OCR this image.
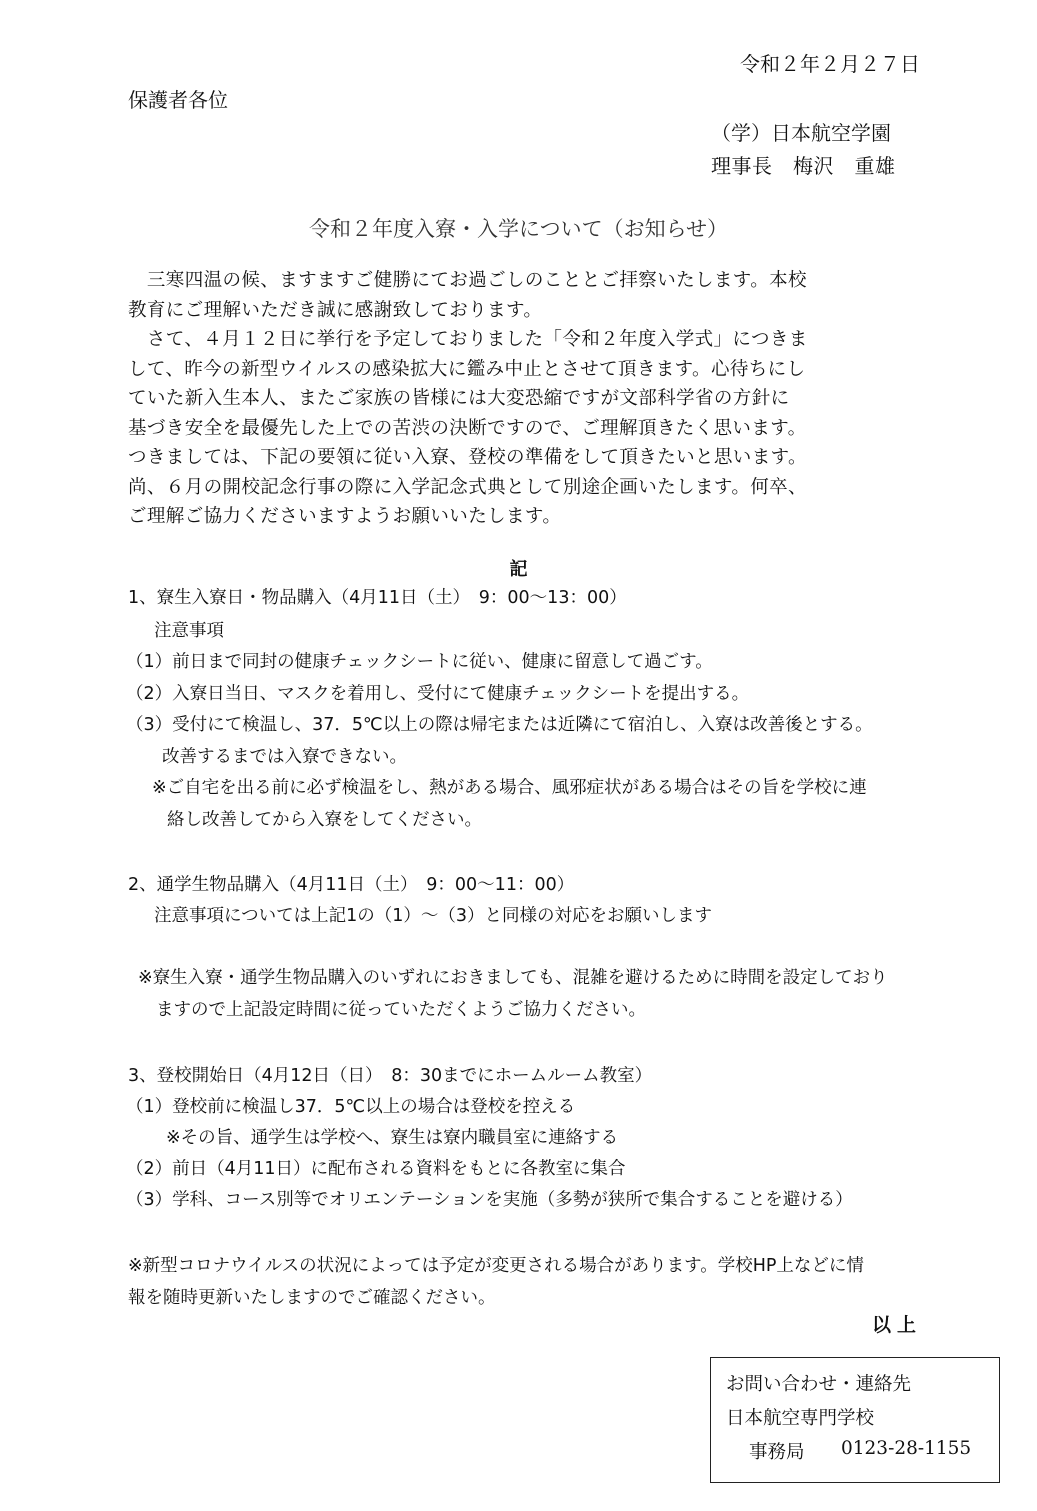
令和２年２月２７日
保護者各位
（学）日本航空学園
理事長　梅沢　重雄
令和２年度入寮・入学について（お知らせ）
　三寒四温の候、ますますご健勝にてお過ごしのこととご拝察いたします。本校
教育にご理解いただき誠に感謝致しております。
　さて、４月１２日に挙行を予定しておりました「令和２年度入学式」につきま
して、昨今の新型ウイルスの感染拡大に鑑み中止とさせて頂きます。心待ちにし
ていた新入生本人、またご家族の皆様には大変恐縮ですが文部科学省の方針に
基づき安全を最優先した上での苦渋の決断ですので、ご理解頂きたく思います。
つきましては、下記の要領に従い入寮、登校の準備をして頂きたいと思います。
尚、６月の開校記念行事の際に入学記念式典として別途企画いたします。何卒、
ご理解ご協力くださいますようお願いいたします。
記
1、寮生入寮日・物品購入（4月11日（土）　9：00～13：00）
注意事項
（1）前日まで同封の健康チェックシートに従い、健康に留意して過ごす。
（2）入寮日当日、マスクを着用し、受付にて健康チェックシートを提出する。
（3）受付にて検温し、37．5℃以上の際は帰宅または近隣にて宿泊し、入寮は改善後とする。
改善するまでは入寮できない。
※ご自宅を出る前に必ず検温をし、熱がある場合、風邪症状がある場合はその旨を学校に連
絡し改善してから入寮をしてください。
2、通学生物品購入（4月11日（土）　9：00～11：00）
注意事項については上記1の（1）～（3）と同様の対応をお願いします
※寮生入寮・通学生物品購入のいずれにおきましても、混雑を避けるために時間を設定しており
ますので上記設定時間に従っていただくようご協力ください。
3、登校開始日（4月12日（日）　8：30までにホームルーム教室）
（1）登校前に検温し37．5℃以上の場合は登校を控える
※その旨、通学生は学校へ、寮生は寮内職員室に連絡する
（2）前日（4月11日）に配布される資料をもとに各教室に集合
（3）学科、コース別等でオリエンテーションを実施（多勢が狭所で集合することを避ける）
※新型コロナウイルスの状況によっては予定が変更される場合があります。学校HP上などに情
報を随時更新いたしますのでご確認ください。
以上
お問い合わせ・連絡先
日本航空専門学校
事務局 0123-28-1155
